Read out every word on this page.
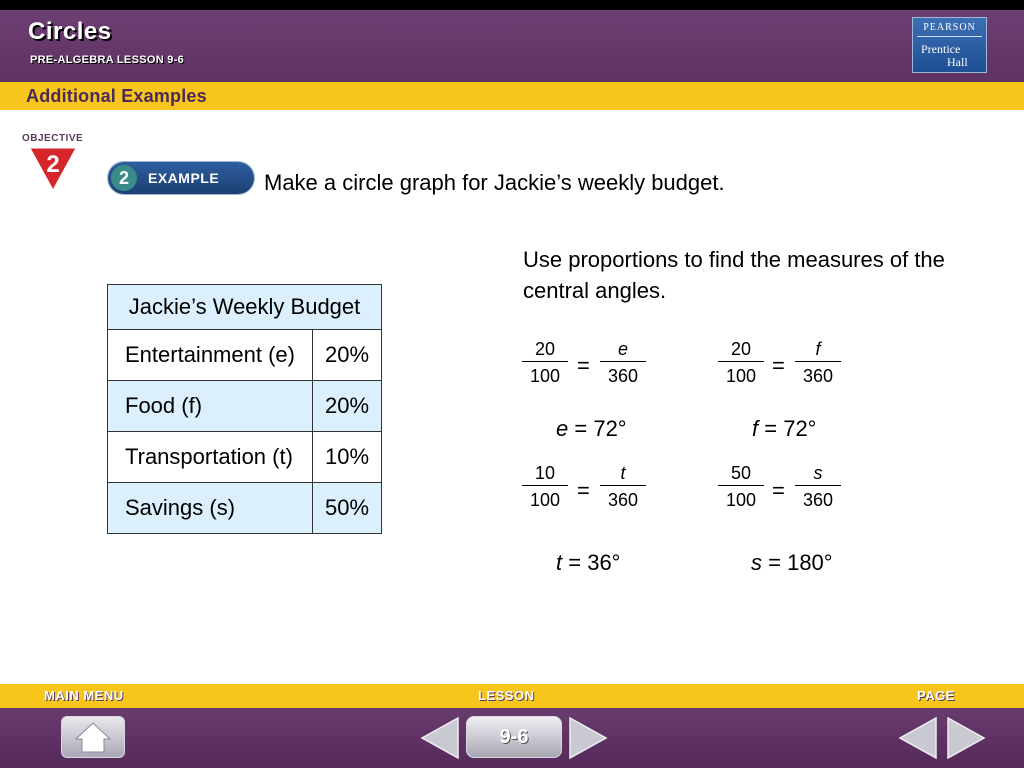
Circles
PRE-ALGEBRA LESSON 9-6
PEARSON
Prentice
Hall
Additional Examples
OBJECTIVE
2	2	EXAMPLE Make a circle graph for Jackie’s weekly budget.
Jackie’s Weekly Budget	
Entertainment (e)	20%
Food (f)	20%
Transportation (t)	10%
Savings (s)	50%
Use proportions to find the measures of the central angles.
$\frac{20}{100} = \frac{e}{360}$
e = 72°
$\frac{20}{100} = \frac{f}{360}$
f = 72°
$\frac{10}{100} = \frac{t}{360}$
t = 36°
$\frac{50}{100} = \frac{s}{360}$
s = 180°
MAIN MENU	LESSON	PAGE
9-6
